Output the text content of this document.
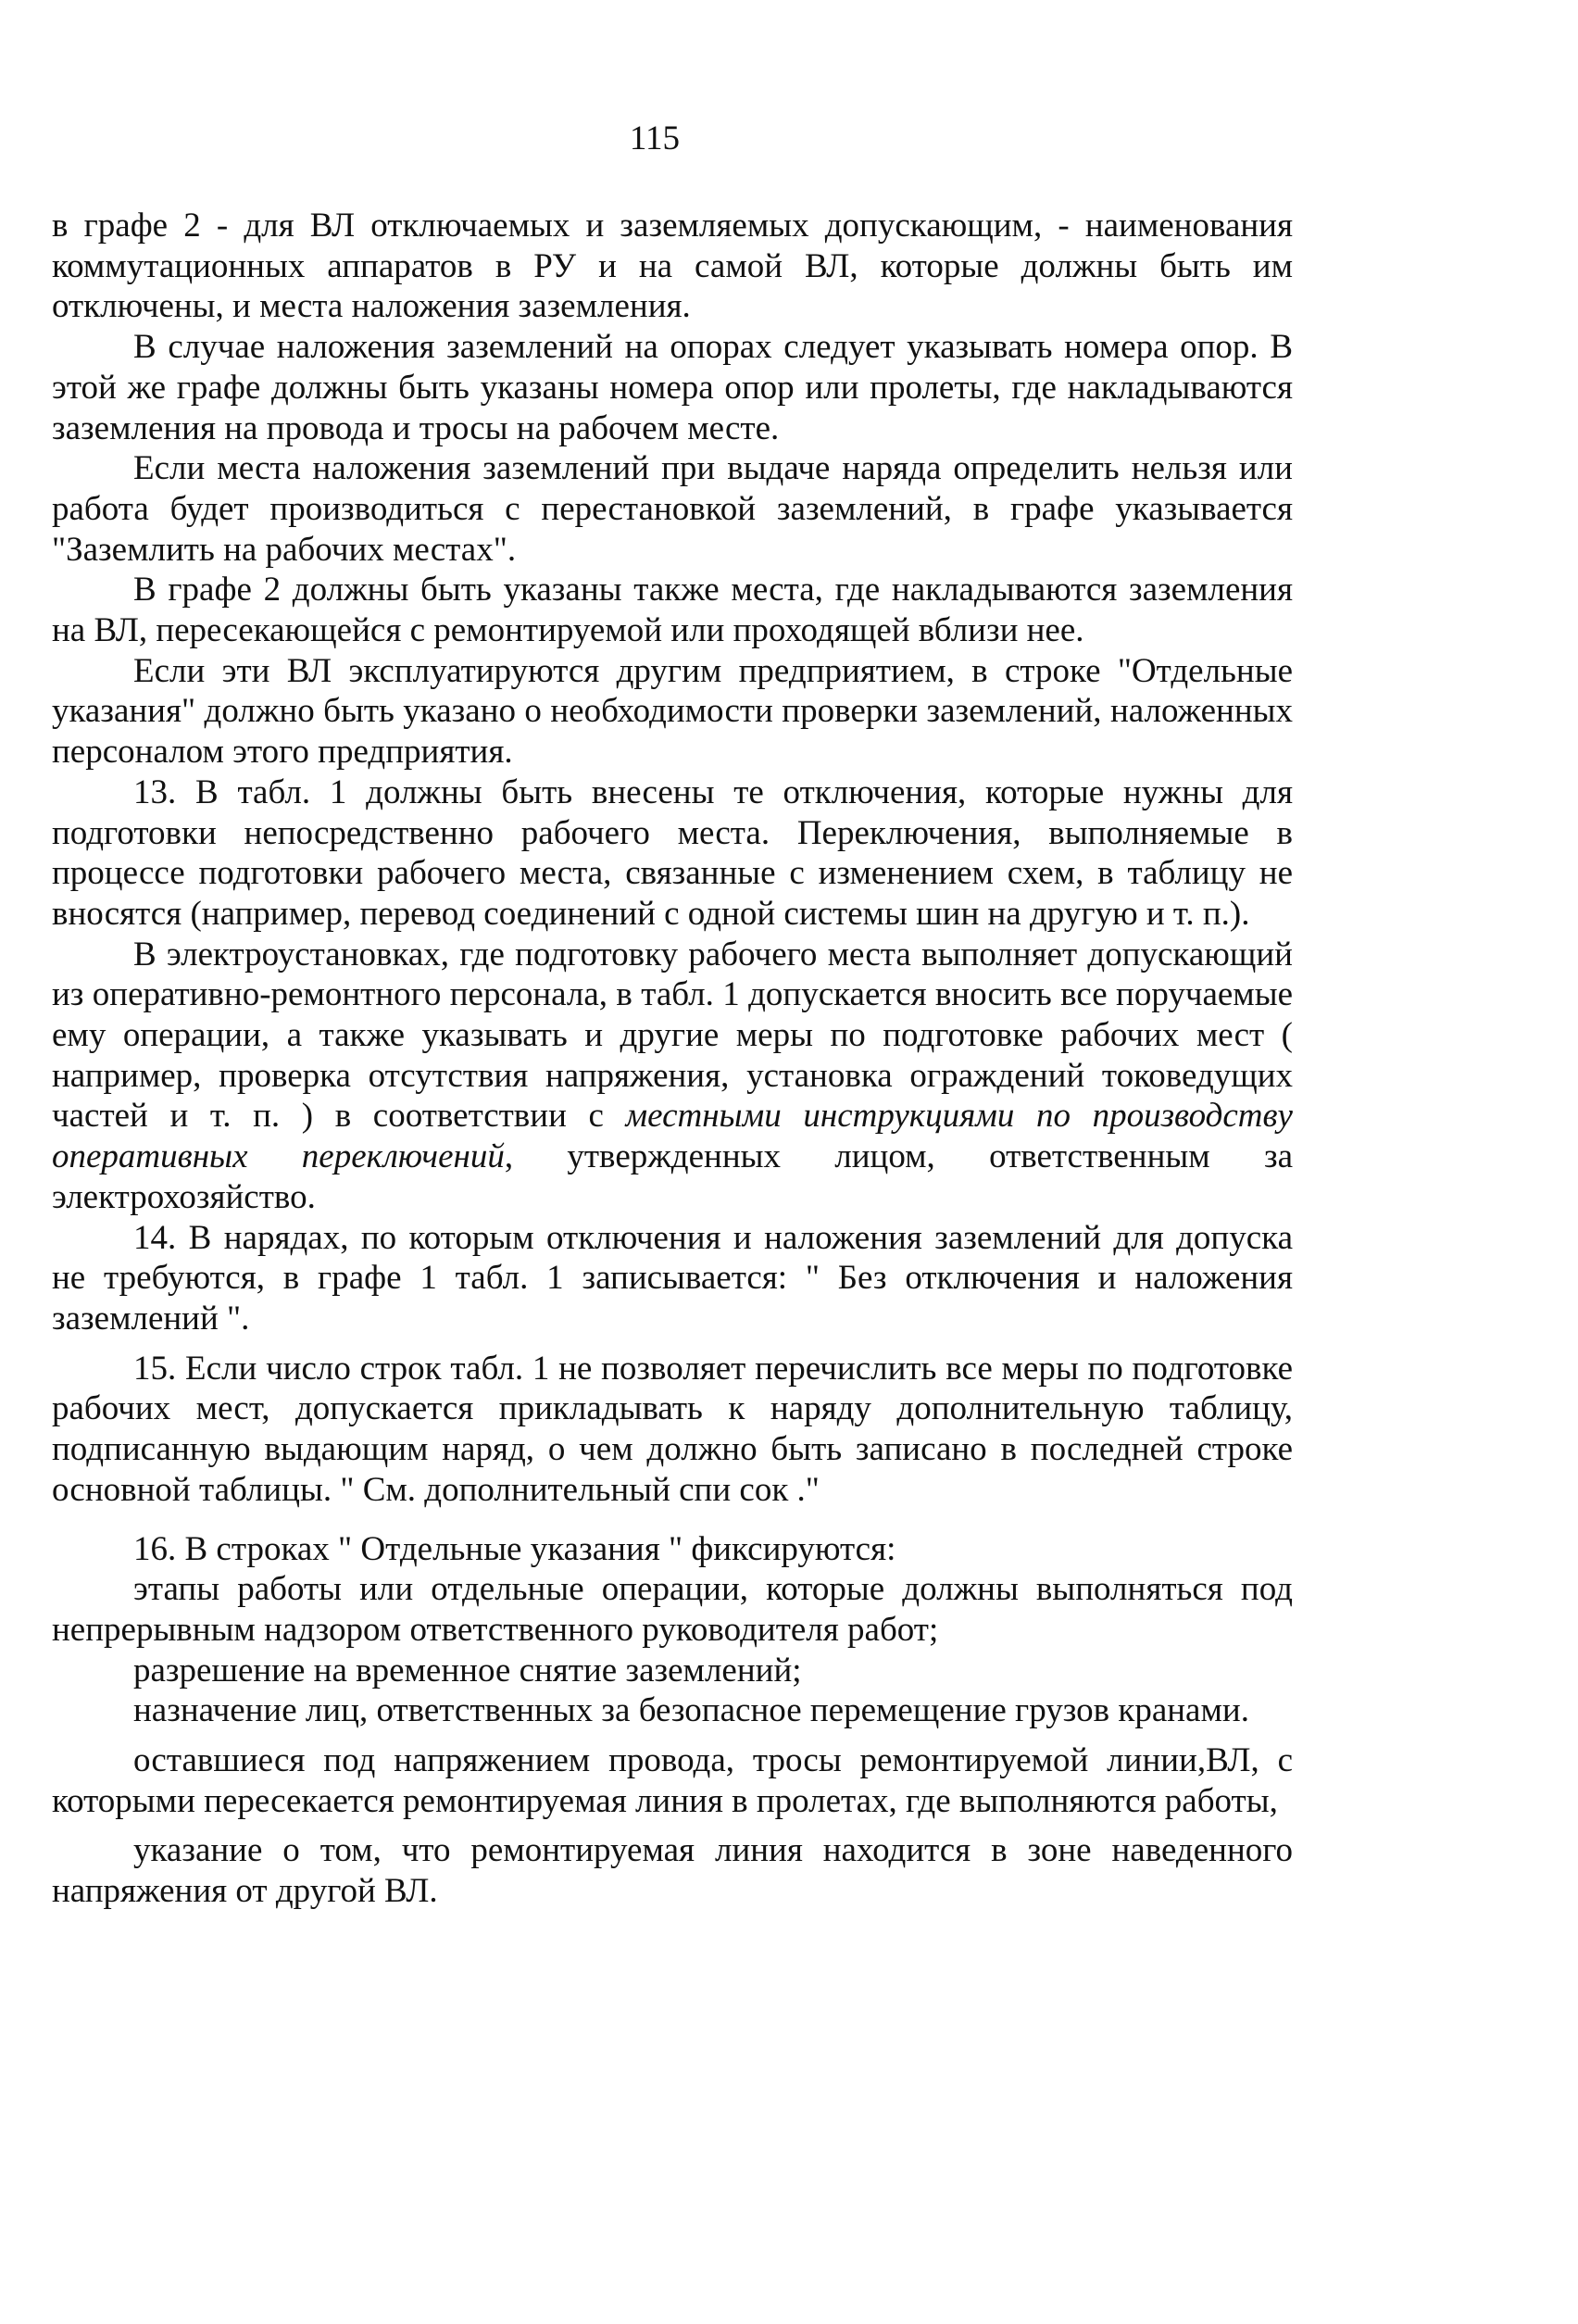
115

в графе 2 - для ВЛ отключаемых и заземляемых допускающим, - наименования коммутационных аппаратов в РУ и на самой ВЛ, которые должны быть им отключены, и места наложения заземления.

В случае наложения заземлений на опорах следует указывать номера опор. В этой же графе должны быть указаны номера опор или пролеты, где накладываются заземления на провода и тросы на рабочем месте.

Если места наложения заземлений при выдаче наряда определить нельзя или работа будет производиться с перестановкой заземлений, в графе указывается "Заземлить на рабочих местах".

В графе 2 должны быть указаны также места, где накладываются заземления на ВЛ, пересекающейся с ремонтируемой или проходящей вблизи нее.

Если эти ВЛ эксплуатируются другим предприятием, в строке "Отдельные указания" должно быть указано о необходимости проверки заземлений, наложенных персоналом этого предприятия.

13. В табл. 1 должны быть внесены те отключения, которые нужны для подготовки непосредственно рабочего места. Переключения, выполняемые в процессе подготовки рабочего места, связанные с изменением схем, в таблицу не вносятся (например, перевод соединений с одной системы шин на другую и т. п.).

В электроустановках, где подготовку рабочего места выполняет допускающий из оперативно-ремонтного персонала, в табл. 1 допускается вносить все поручаемые ему операции, а также указывать и другие меры по подготовке рабочих мест ( например, проверка отсутствия напряжения, установка ограждений токоведущих частей и т. п. ) в соответствии с местными инструкциями по производству оперативных переключений, утвержденных лицом, ответственным за электрохозяйство.

14. В нарядах, по которым отключения и наложения заземлений для допуска не требуются, в графе 1 табл. 1 записывается: " Без отключения и наложения заземлений ".

15. Если число строк табл. 1 не позволяет перечислить все меры по подготовке рабочих мест, допускается прикладывать к наряду дополнительную таблицу, подписанную выдающим наряд, о чем должно быть записано в последней строке основной таблицы. " См. дополнительный спи сок ."

16. В строках " Отдельные указания " фиксируются:

этапы работы или отдельные операции, которые должны выполняться под непрерывным надзором ответственного руководителя работ;

разрешение на временное снятие заземлений;

назначение лиц, ответственных за безопасное перемещение грузов кранами.

оставшиеся под напряжением провода, тросы ремонтируемой линии,ВЛ, с которыми пересекается ремонтируемая линия в пролетах, где выполняются работы,

указание о том, что ремонтируемая линия находится в зоне наведенного напряжения от другой ВЛ.
